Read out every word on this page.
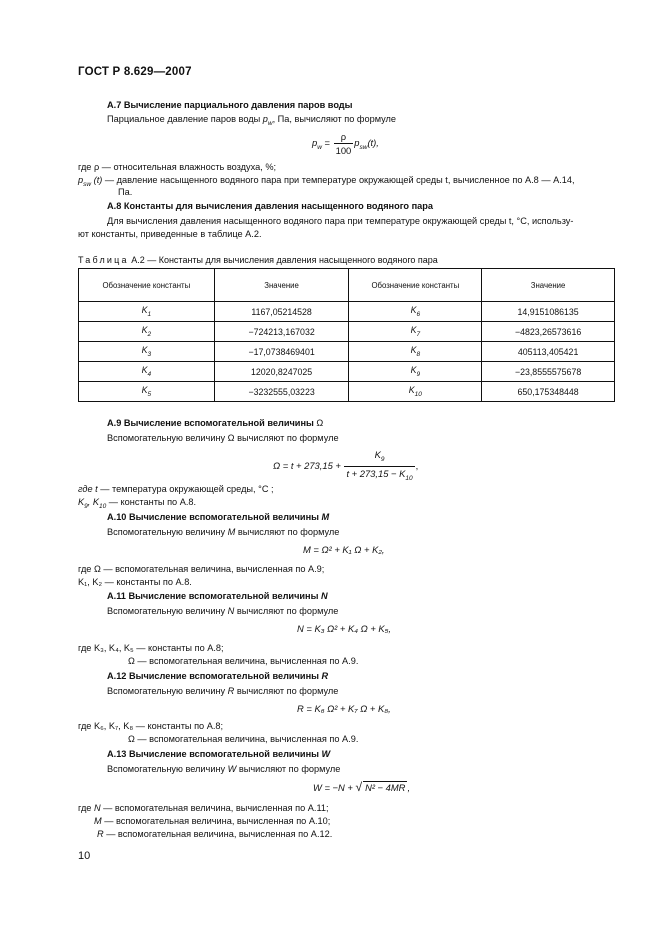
ГОСТ Р 8.629—2007
А.7 Вычисление парциального давления паров воды
Парциальное давление паров воды $p_w$, Па, вычисляют по формуле
$p_w = \frac{\rho}{100} p_{sw}(t)$,
где ρ — относительная влажность воздуха, %;
$p_{sw}$ (t) — давление насыщенного водяного пара при температуре окружающей среды t, вычисленное по А.8 — А.14,
Па.
А.8 Константы для вычисления давления насыщенного водяного пара
Для вычисления давления насыщенного водяного пара при температуре окружающей среды t, °С, использу-
ют константы, приведенные в таблице А.2.
Таблица А.2 — Константы для вычисления давления насыщенного водяного пара
Обозначение константы	Значение	Обозначение константы	Значение
$K_1$	1167,05214528	$K_6$	14,9151086135
$K_2$	−724213,167032	$K_7$	−4823,26573616
$K_3$	−17,0738469401	$K_8$	405113,405421
$K_4$	12020,8247025	$K_9$	−23,8555575678
$K_5$	−3232555,03223	$K_{10}$	650,175348448
А.9 Вычисление вспомогательной величины Ω
Вспомогательную величину Ω вычисляют по формуле
$\Omega = t + 273,15 + \frac{K_9}{t + 273,15 - K_{10}}$ ,
где t — температура окружающей среды, °С ;
$K_9$, $K_{10}$ — константы по А.8.
А.10 Вычисление вспомогательной величины M
Вспомогательную величину M вычисляют по формуле
M = Ω² + K₁ Ω + K₂,
где Ω — вспомогательная величина, вычисленная по А.9;
K₁, K₂ — константы по А.8.
А.11 Вычисление вспомогательной величины N
Вспомогательную величину N вычисляют по формуле
N = K₃ Ω² + K₄ Ω + K₅,
где K₃, K₄, K₅ — константы по А.8;
Ω — вспомогательная величина, вычисленная по А.9.
А.12 Вычисление вспомогательной величины R
Вспомогательную величину R вычисляют по формуле
R = K₆ Ω² + K₇ Ω + K₈,
где K₆, K₇, K₈ — константы по А.8;
Ω — вспомогательная величина, вычисленная по А.9.
А.13 Вычисление вспомогательной величины W
Вспомогательную величину W вычисляют по формуле
W = −N + √ N² − 4MR ,
где N — вспомогательная величина, вычисленная по А.11;
M — вспомогательная величина, вычисленная по А.10;
R — вспомогательная величина, вычисленная по А.12.
10
